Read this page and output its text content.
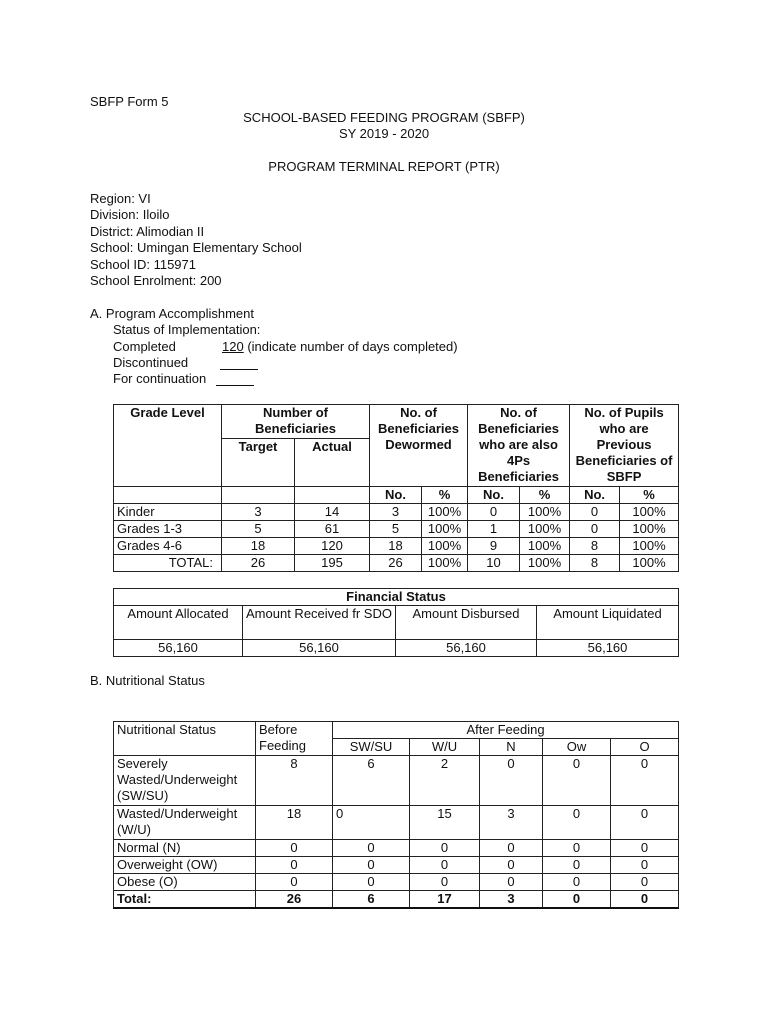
SBFP Form 5
SCHOOL-BASED FEEDING PROGRAM (SBFP)
SY 2019 - 2020
PROGRAM TERMINAL REPORT (PTR)
Region: VI
Division: Iloilo
District: Alimodian II
School: Umingan Elementary School
School ID: 115971
School Enrolment: 200
A. Program Accomplishment
Status of Implementation:
Completed	120 (indicate number of days completed)
Discontinued
For continuation
Grade Level	Number of Beneficiaries		No. of Beneficiaries Dewormed		No. of Beneficiaries who are also 4Ps Beneficiaries		No. of Pupils who are Previous Beneficiaries of SBFP	
	Target	Actual						
			No.	%	No.	%	No.	%
Kinder	3	14	3	100%	0	100%	0	100%
Grades 1-3	5	61	5	100%	1	100%	0	100%
Grades 4-6	18	120	18	100%	9	100%	8	100%
TOTAL:	26	195	26	100%	10	100%	8	100%
Financial Status			
Amount Allocated	Amount Received fr SDO	Amount Disbursed	Amount Liquidated
56,160	56,160	56,160	56,160
B. Nutritional Status
Nutritional Status	Before Feeding	After Feeding				
		SW/SU	W/U	N	Ow	O
Severely Wasted/Underweight (SW/SU)	8	6	2	0	0	0
Wasted/Underweight (W/U)	18	0	15	3	0	0
Normal (N)	0	0	0	0	0	0
Overweight (OW)	0	0	0	0	0	0
Obese (O)	0	0	0	0	0	0
Total:	26	6	17	3	0	0
